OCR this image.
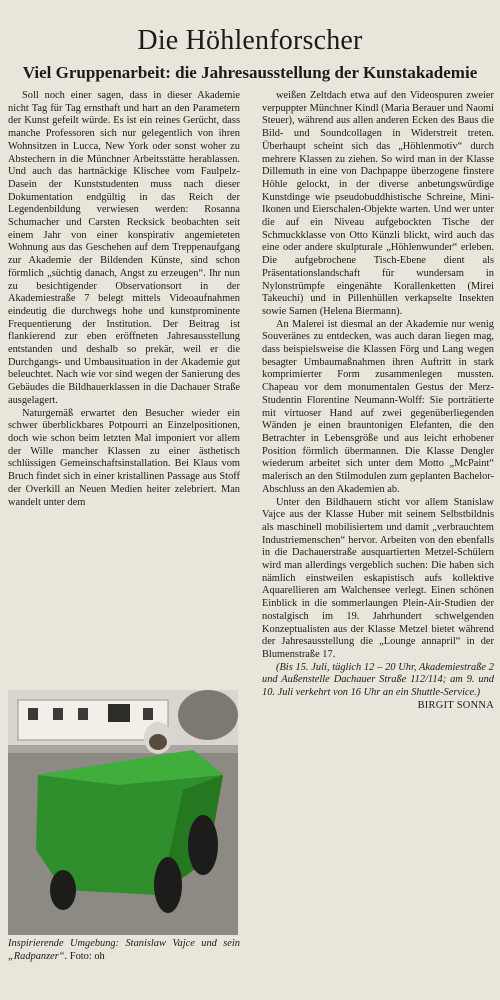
Die Höhlenforscher
Viel Gruppenarbeit: die Jahresausstellung der Kunstakademie

Soll noch einer sagen, dass in dieser Akademie nicht Tag für Tag ernsthaft und hart an den Parametern der Kunst gefeilt würde. Es ist ein reines Gerücht, dass manche Professoren sich nur gelegentlich von ihren Wohnsitzen in Lucca, New York oder sonst woher zu Abstechern in die Münchner Arbeitsstätte herablassen. Und auch das hartnäckige Klischee vom Faulpelz-Dasein der Kunststudenten muss nach dieser Dokumentation endgültig in das Reich der Legendenbildung verwiesen werden: Rosanna Schumacher und Carsten Recksick beobachten seit einem Jahr von einer konspirativ angemieteten Wohnung aus das Geschehen auf dem Treppenaufgang zur Akademie der Bildenden Künste, sind schon förmlich „süchtig danach, Angst zu erzeugen“. Ihr nun zu besichtigender Observationsort in der Akademiestraße 7 belegt mittels Videoaufnahmen eindeutig die durchwegs hohe und kunstprominente Frequentierung der Institution. Der Beitrag ist flankierend zur eben eröffneten Jahresausstellung entstanden und deshalb so prekär, weil er die Durchgangs- und Umbausituation in der Akademie gut beleuchtet. Nach wie vor sind wegen der Sanierung des Gebäudes die Bildhauerklassen in die Dachauer Straße ausgelagert.

Naturgemäß erwartet den Besucher wieder ein schwer überblickbares Potpourri an Einzelpositionen, doch wie schon beim letzten Mal imponiert vor allem der Wille mancher Klassen zu einer ästhetisch schlüssigen Gemeinschaftsinstallation. Bei Klaus vom Bruch findet sich in einer kristallinen Passage aus Stoff der Overkill an Neuen Medien heiter zelebriert. Man wandelt unter dem

Inspirierende Umgebung: Stanislaw Vajce und sein „Radpanzer“. Foto: oh

weißen Zeltdach etwa auf den Videospuren zweier verpuppter Münchner Kindl (Maria Berauer und Naomi Steuer), während aus allen anderen Ecken des Baus die Bild- und Soundcollagen in Widerstreit treten. Überhaupt scheint sich das „Höhlenmotiv“ durch mehrere Klassen zu ziehen. So wird man in der Klasse Dillemuth in eine von Dachpappe überzogene finstere Höhle gelockt, in der diverse anbetungswürdige Kunstdinge wie pseudobuddhistische Schreine, Mini-Ikonen und Eierschalen-Objekte warten. Und wer unter die auf ein Niveau aufgebockten Tische der Schmuckklasse von Otto Künzli blickt, wird auch das eine oder andere skulpturale „Höhlenwunder“ erleben. Die aufgebrochene Tisch-Ebene dient als Präsentationslandschaft für wundersam in Nylonstrümpfe eingenähte Korallenketten (Mirei Takeuchi) und in Pillenhüllen verkapselte Insekten sowie Samen (Helena Biermann).

An Malerei ist diesmal an der Akademie nur wenig Souveränes zu entdecken, was auch daran liegen mag, dass beispielsweise die Klassen Förg und Lang wegen besagter Umbaumaßnahmen ihren Auftritt in stark komprimierter Form zusammenlegen mussten. Chapeau vor dem monumentalen Gestus der Merz-Studentin Florentine Neumann-Wolff: Sie porträtierte mit virtuoser Hand auf zwei gegenüberliegenden Wänden je einen brauntonigen Elefanten, die den Betrachter in Lebensgröße und aus leicht erhobener Position förmlich übermannen. Die Klasse Dengler wiederum arbeitet sich unter dem Motto „McPaint“ malerisch an den Stilmodulen zum geplanten Bachelor-Abschluss an den Akademien ab.

Unter den Bildhauern sticht vor allem Stanislaw Vajce aus der Klasse Huber mit seinem Selbstbildnis als maschinell mobilisiertem und damit „verbrauchtem Industriemenschen“ hervor. Arbeiten von den ebenfalls in die Dachauerstraße ausquartierten Metzel-Schülern wird man allerdings vergeblich suchen: Die haben sich nämlich einstweilen eskapistisch aufs kollektive Aquarellieren am Walchensee verlegt. Einen schönen Einblick in die sommerlaungen Plein-Air-Studien der nostalgisch im 19. Jahrhundert schwelgenden Konzeptualisten aus der Klasse Metzel bietet während der Jahresausstellung die „Lounge annapril“ in der Blumenstraße 17.

(Bis 15. Juli, täglich 12 – 20 Uhr, Akademiestraße 2 und Außenstelle Dachauer Straße 112/114; am 9. und 10. Juli verkehrt von 16 Uhr an ein Shuttle-Service.)
BIRGIT SONNA
